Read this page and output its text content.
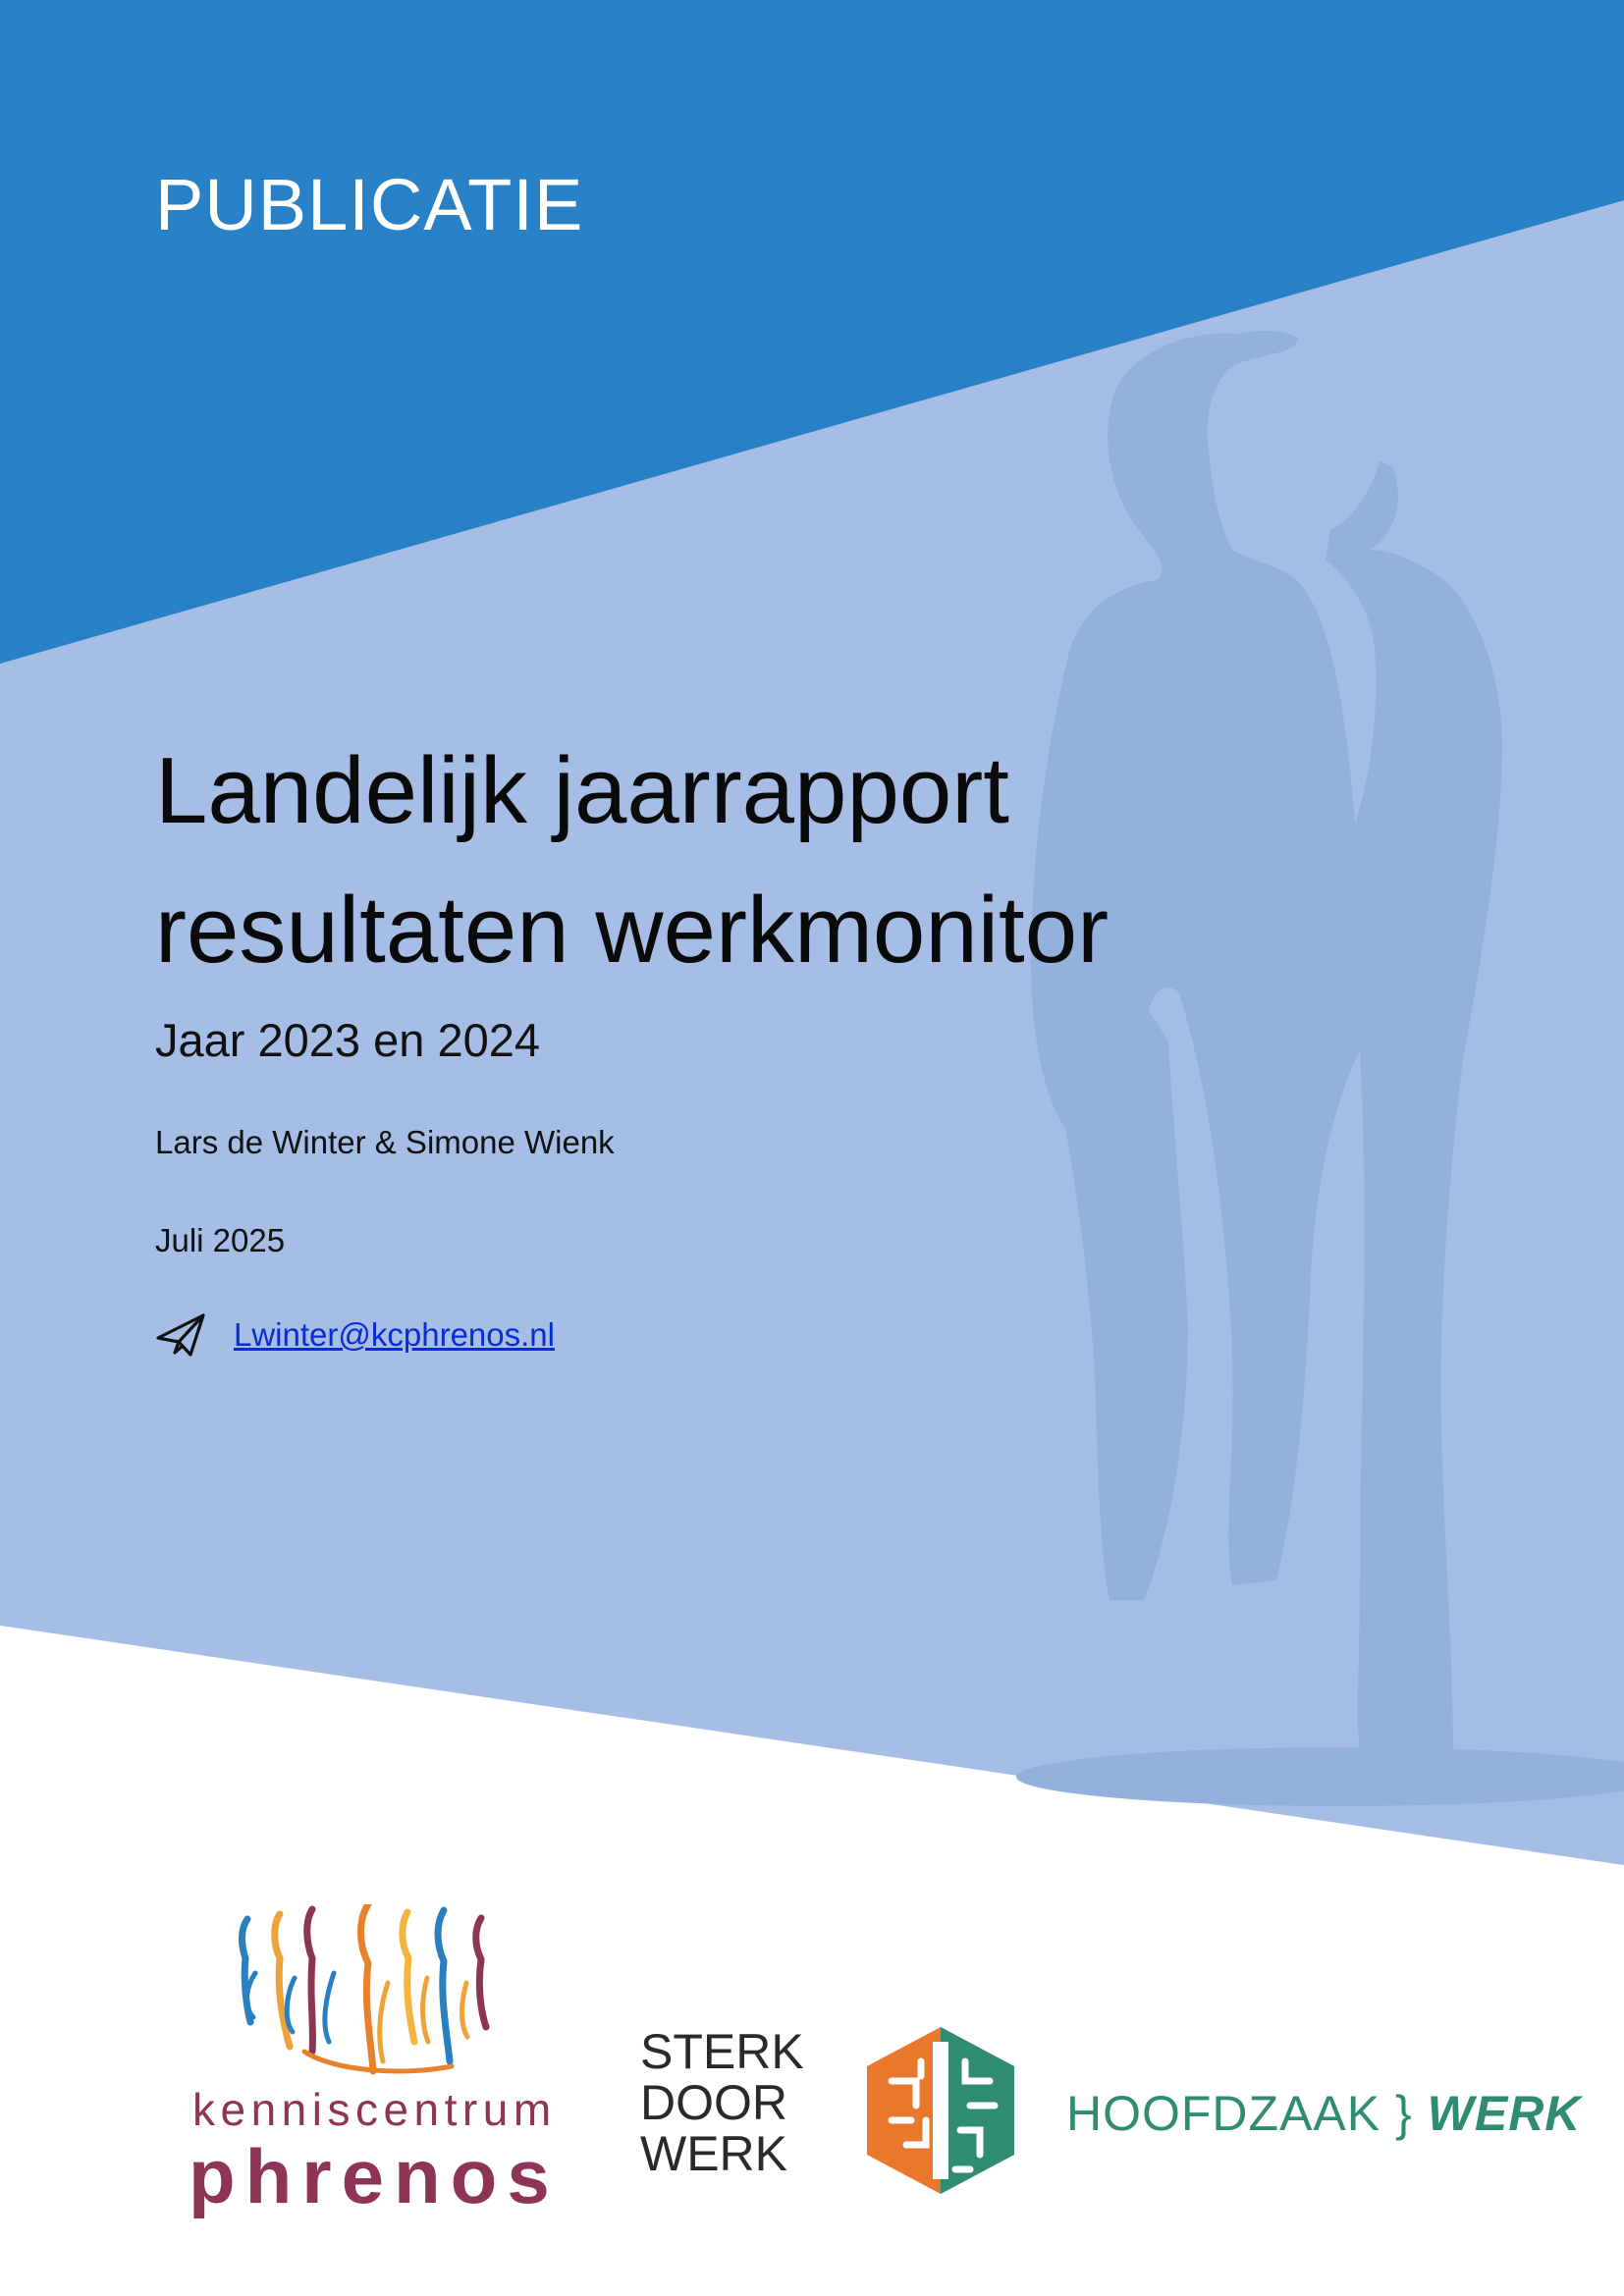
PUBLICATIE
Landelijk jaarrapport
resultaten werkmonitor
Jaar 2023 en 2024
Lars de Winter & Simone Wienk
Juli 2025
Lwinter@kcphrenos.nl
kenniscentrum
phrenos
STERK
DOOR
WERK
HOOFDZAAK } WERK
